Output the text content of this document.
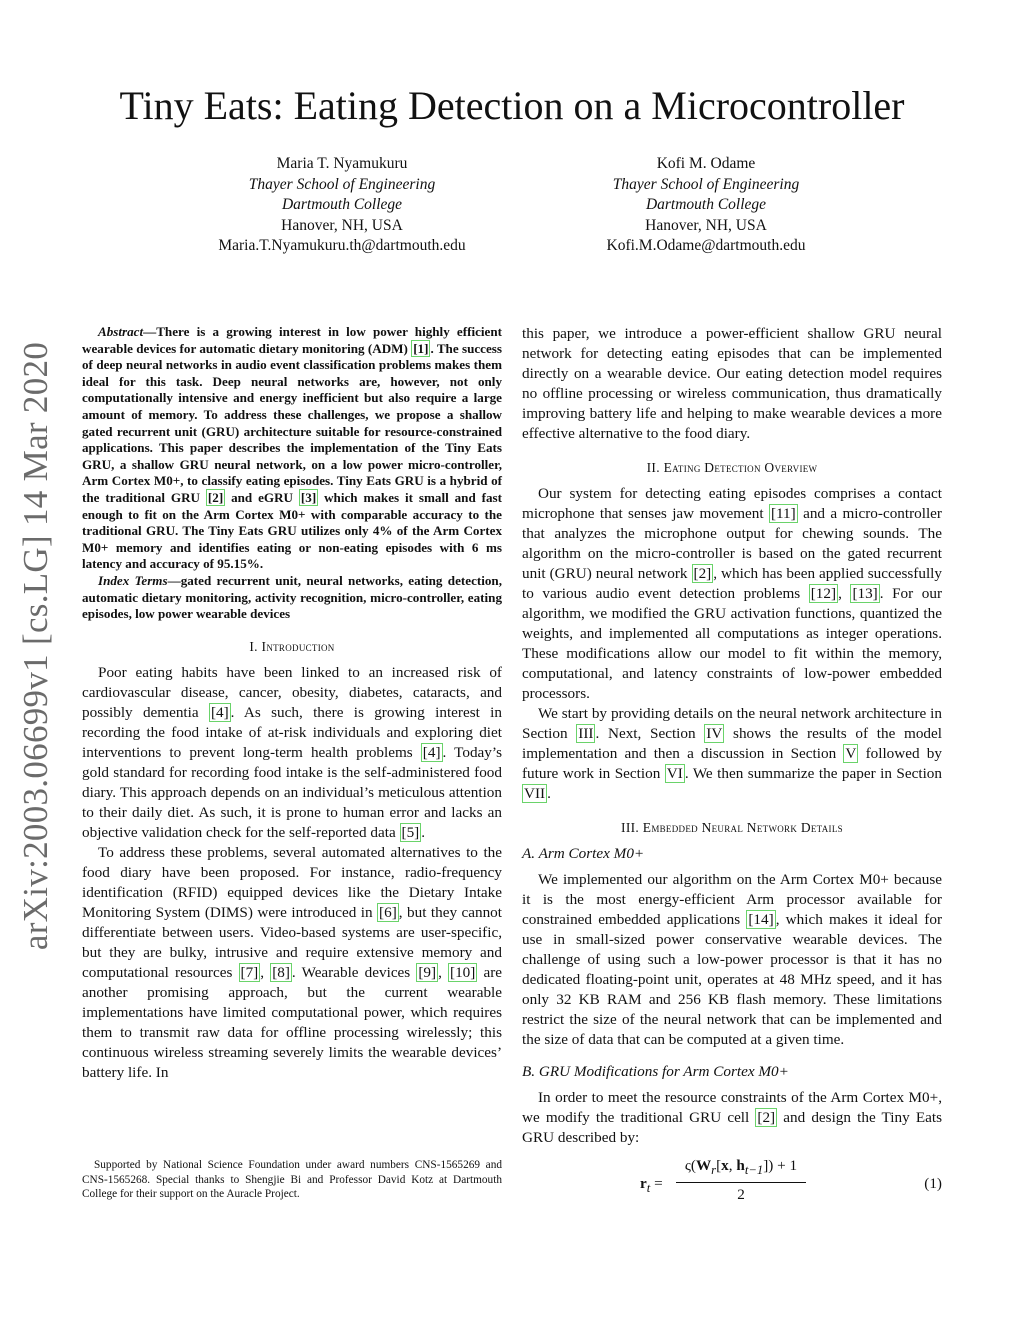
arXiv:2003.06699v1 [cs.LG] 14 Mar 2020
Tiny Eats: Eating Detection on a Microcontroller
Maria T. Nyamukuru
Thayer School of Engineering
Dartmouth College
Hanover, NH, USA
Maria.T.Nyamukuru.th@dartmouth.edu
Kofi M. Odame
Thayer School of Engineering
Dartmouth College
Hanover, NH, USA
Kofi.M.Odame@dartmouth.edu

Abstract—There is a growing interest in low power highly efficient wearable devices for automatic dietary monitoring (ADM) [1] . The success of deep neural networks in audio event classification problems makes them ideal for this task. Deep neural networks are, however, not only computationally intensive and energy inefficient but also require a large amount of memory. To address these challenges, we propose a shallow gated recurrent unit (GRU) architecture suitable for resource-constrained applications. This paper describes the implementation of the Tiny Eats GRU, a shallow GRU neural network, on a low power micro-controller, Arm Cortex M0+, to classify eating episodes. Tiny Eats GRU is a hybrid of the traditional GRU [2] and eGRU [3] which makes it small and fast enough to fit on the Arm Cortex M0+ with comparable accuracy to the traditional GRU. The Tiny Eats GRU utilizes only 4% of the Arm Cortex M0+ memory and identifies eating or non-eating episodes with 6 ms latency and accuracy of 95.15%.

Index Terms—gated recurrent unit, neural networks, eating detection, automatic dietary monitoring, activity recognition, micro-controller, eating episodes, low power wearable devices

I. Introduction

Poor eating habits have been linked to an increased risk of cardiovascular disease, cancer, obesity, diabetes, cataracts, and possibly dementia [4] . As such, there is growing interest in recording the food intake of at-risk individuals and exploring diet interventions to prevent long-term health problems [4] . Today’s gold standard for recording food intake is the self-administered food diary. This approach depends on an individual’s meticulous attention to their daily diet. As such, it is prone to human error and lacks an objective validation check for the self-reported data [5] .

To address these problems, several automated alternatives to the food diary have been proposed. For instance, radio-frequency identification (RFID) equipped devices like the Dietary Intake Monitoring System (DIMS) were introduced in [6] , but they cannot differentiate between users. Video-based systems are user-specific, but they are bulky, intrusive and require extensive memory and computational resources [7] , [8] . Wearable devices [9] , [10] are another promising approach, but the current wearable implementations have limited computational power, which requires them to transmit raw data for offline processing wirelessly; this continuous wireless streaming severely limits the wearable devices’ battery life. In

Supported by National Science Foundation under award numbers CNS-1565269 and CNS-1565268. Special thanks to Shengjie Bi and Professor David Kotz at Dartmouth College for their support on the Auracle Project.

this paper, we introduce a power-efficient shallow GRU neural network for detecting eating episodes that can be implemented directly on a wearable device. Our eating detection model requires no offline processing or wireless communication, thus dramatically improving battery life and helping to make wearable devices a more effective alternative to the food diary.

II. Eating Detection Overview

Our system for detecting eating episodes comprises a contact microphone that senses jaw movement [11] and a micro-controller that analyzes the microphone output for chewing sounds. The algorithm on the micro-controller is based on the gated recurrent unit (GRU) neural network [2] , which has been applied successfully to various audio event detection problems [12] , [13] . For our algorithm, we modified the GRU activation functions, quantized the weights, and implemented all computations as integer operations. These modifications allow our model to fit within the memory, computational, and latency constraints of low-power embedded processors.

We start by providing details on the neural network architecture in Section III . Next, Section IV shows the results of the model implementation and then a discussion in Section V followed by future work in Section VI . We then summarize the paper in Section VII .

III. Embedded Neural Network Details
A. Arm Cortex M0+

We implemented our algorithm on the Arm Cortex M0+ because it is the most energy-efficient Arm processor available for constrained embedded applications [14] , which makes it ideal for use in small-sized power conservative wearable devices. The challenge of using such a low-power processor is that it has no dedicated floating-point unit, operates at 48 MHz speed, and it has only 32 KB RAM and 256 KB flash memory. These limitations restrict the size of the neural network that can be implemented and the size of data that can be computed at a given time.

B. GRU Modifications for Arm Cortex M0+

In order to meet the resource constraints of the Arm Cortex M0+, we modify the traditional GRU cell [2] and design the Tiny Eats GRU described by:

$r_t = \frac{\varsigma(W_r[x, h_{t-1}]) + 1}{2}$	(1)
